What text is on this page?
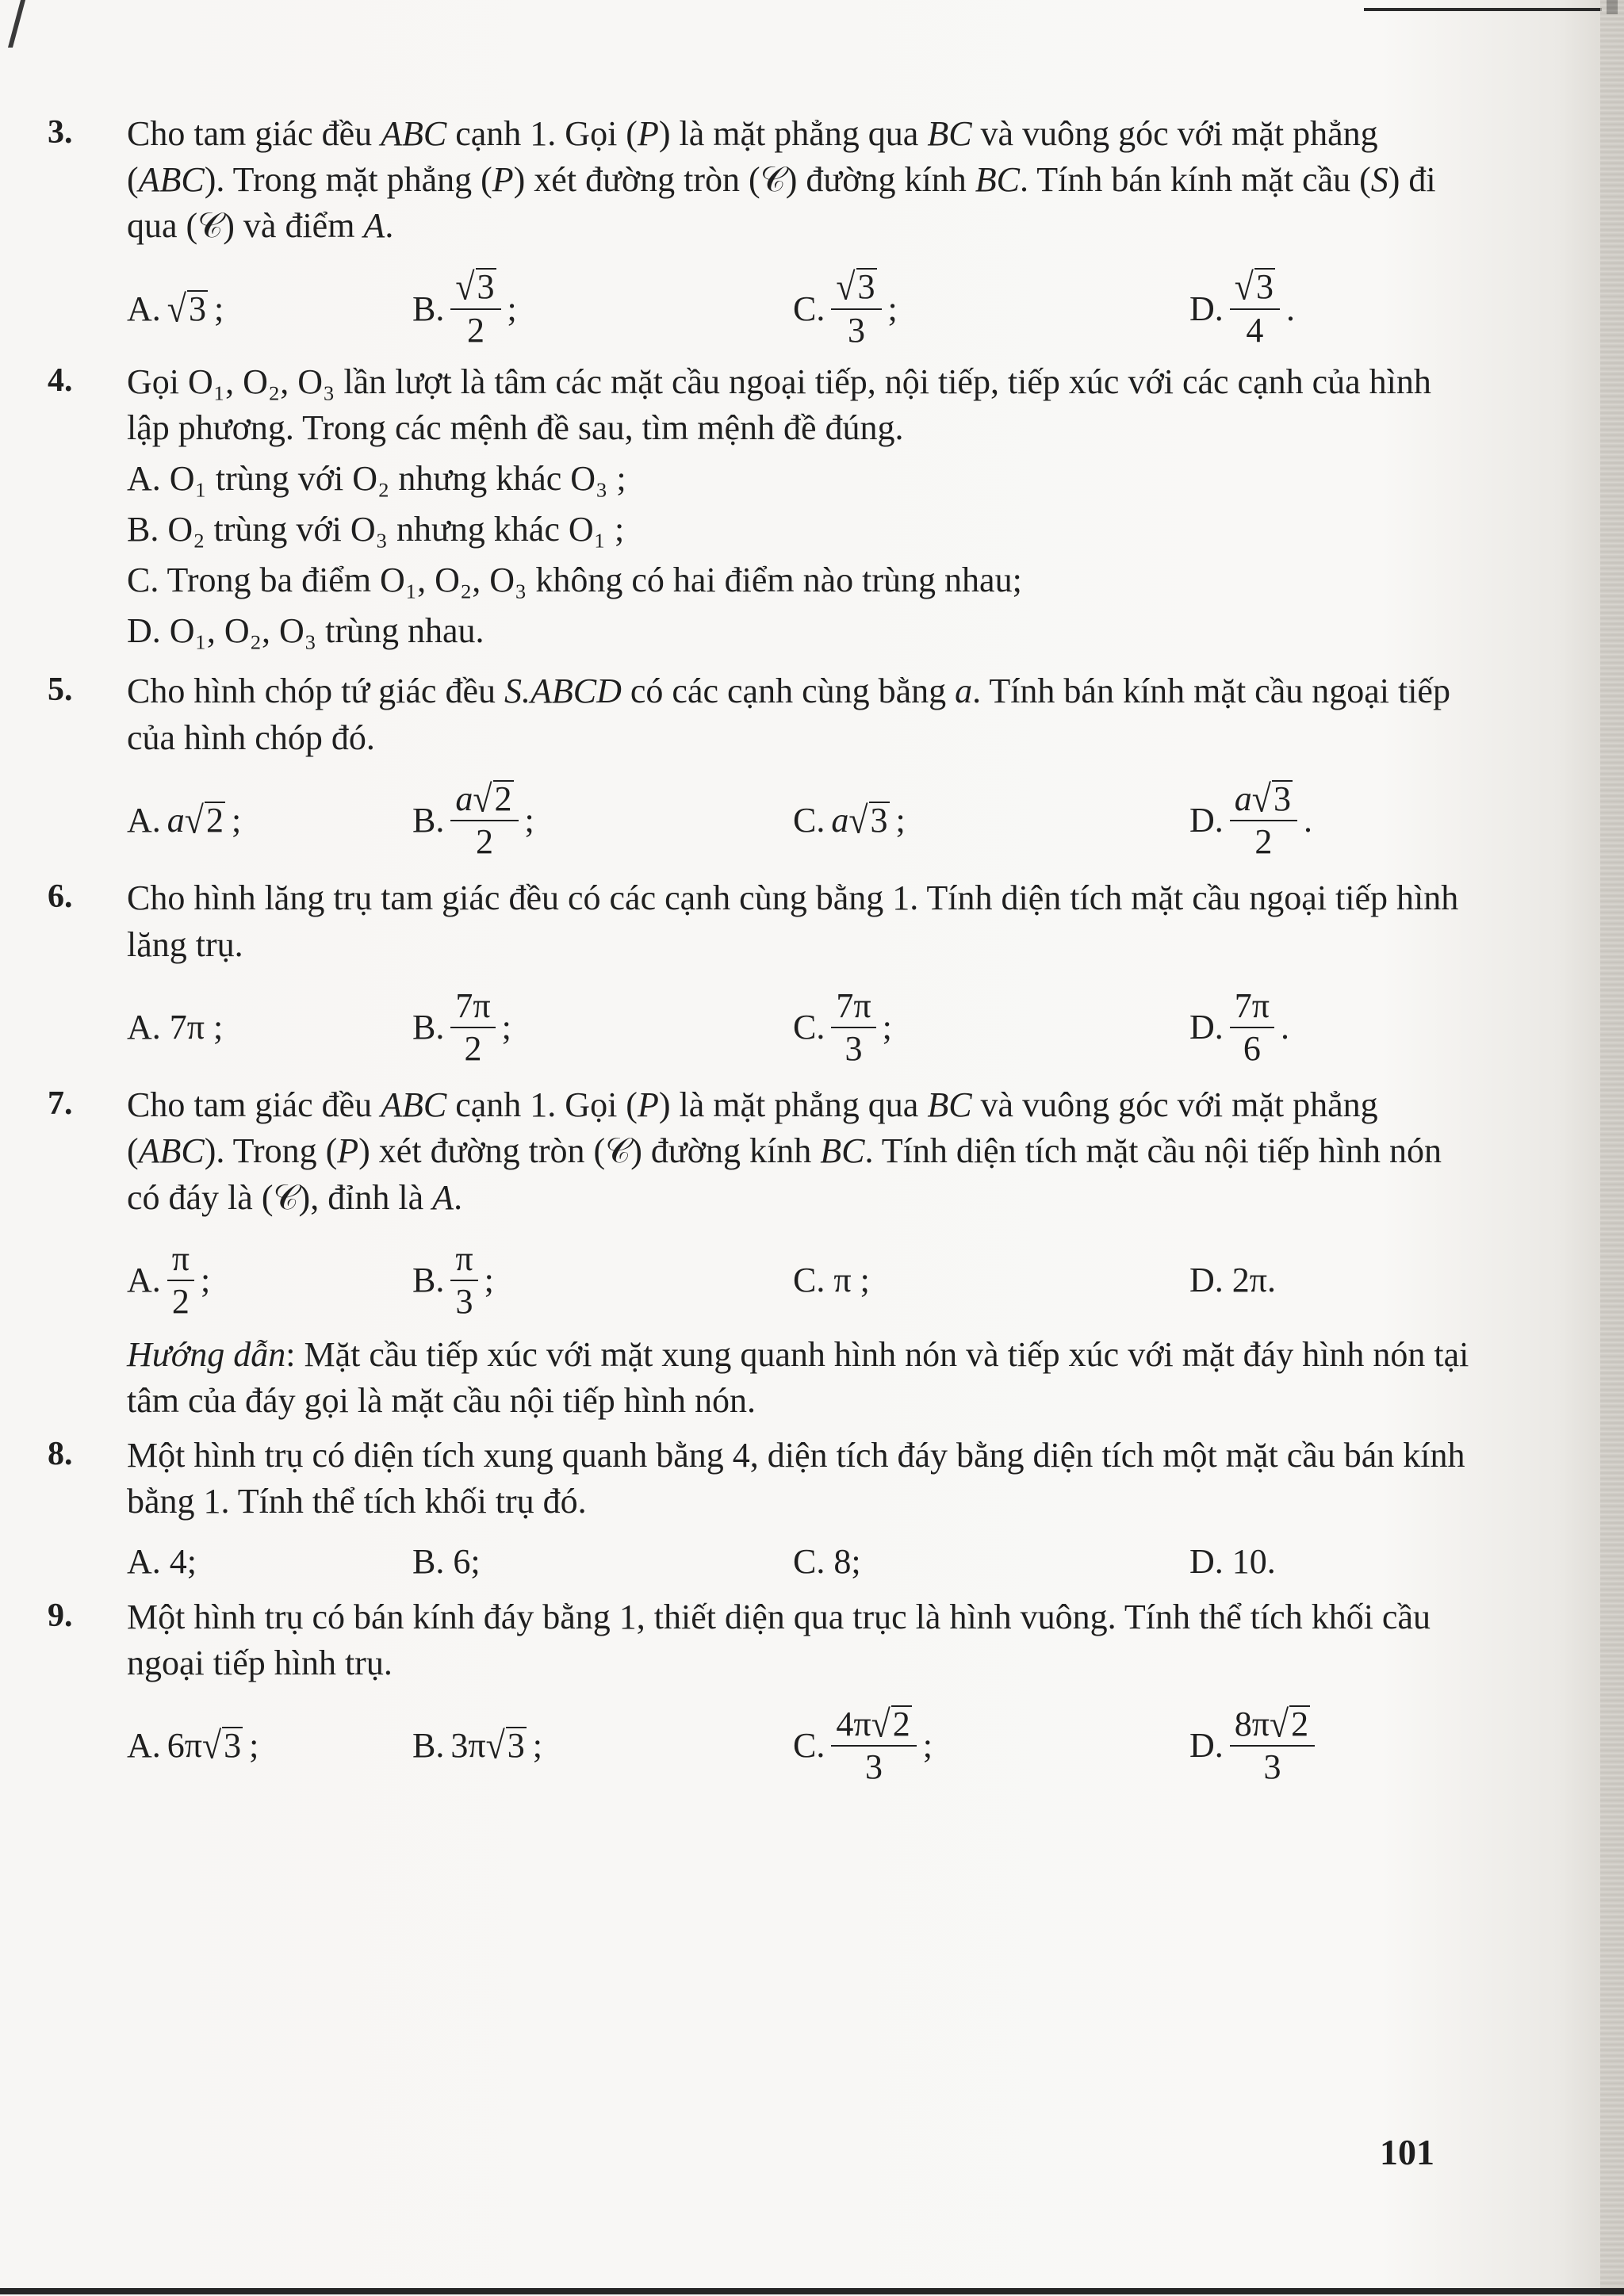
3. Cho tam giác đều ABC cạnh 1. Gọi (P) là mặt phẳng qua BC và vuông góc với mặt phẳng (ABC). Trong mặt phẳng (P) xét đường tròn (𝒞) đường kính BC. Tính bán kính mặt cầu (S) đi qua (𝒞) và điểm A.

A. √3 ;	B. $\frac{√3}{2}$ ;	C. $\frac{√3}{3}$ ;	D. $\frac{√3}{4}$ .
4. Gọi O₁, O₂, O₃ lần lượt là tâm các mặt cầu ngoại tiếp, nội tiếp, tiếp xúc với các cạnh của hình lập phương. Trong các mệnh đề sau, tìm mệnh đề đúng.

A. O₁ trùng với O₂ nhưng khác O₃ ;
B. O₂ trùng với O₃ nhưng khác O₁ ;
C. Trong ba điểm O₁, O₂, O₃ không có hai điểm nào trùng nhau;
D. O₁, O₂, O₃ trùng nhau.
5. Cho hình chóp tứ giác đều S.ABCD có các cạnh cùng bằng a. Tính bán kính mặt cầu ngoại tiếp của hình chóp đó.

A. a√2 ;	B. $\frac{a√2}{2}$ ;	C. a√3 ;	D. $\frac{a√3}{2}$ .
6. Cho hình lăng trụ tam giác đều có các cạnh cùng bằng 1. Tính diện tích mặt cầu ngoại tiếp hình lăng trụ.

A. 7π ;	B. $\frac{7\pi}{2}$ ;	C. $\frac{7\pi}{3}$ ;	D. $\frac{7\pi}{6}$ .
7. Cho tam giác đều ABC cạnh 1. Gọi (P) là mặt phẳng qua BC và vuông góc với mặt phẳng (ABC). Trong (P) xét đường tròn (𝒞) đường kính BC. Tính diện tích mặt cầu nội tiếp hình nón có đáy là (𝒞), đỉnh là A.

A. $\frac{\pi}{2}$ ;	B. $\frac{\pi}{3}$ ;	C. π ;	D. 2π.

Hướng dẫn: Mặt cầu tiếp xúc với mặt xung quanh hình nón và tiếp xúc với mặt đáy hình nón tại tâm của đáy gọi là mặt cầu nội tiếp hình nón.

8. Một hình trụ có diện tích xung quanh bằng 4, diện tích đáy bằng diện tích một mặt cầu bán kính bằng 1. Tính thể tích khối trụ đó.

A. 4;	B. 6;	C. 8;	D. 10.
9. Một hình trụ có bán kính đáy bằng 1, thiết diện qua trục là hình vuông. Tính thể tích khối cầu ngoại tiếp hình trụ.

A. 6π√3 ;	B. 3π√3 ;	C. $\frac{4\pi√2}{3}$ ;	D. $\frac{8\pi√2}{3}$
101
